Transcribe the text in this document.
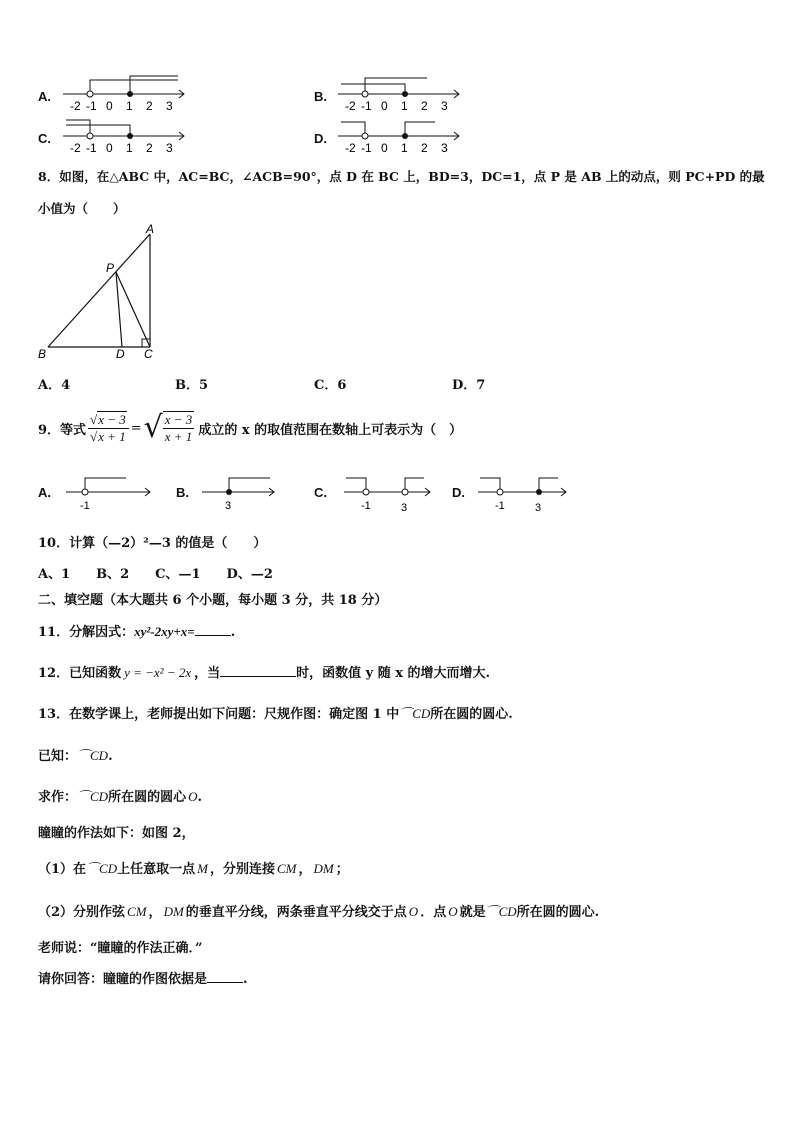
A.
-2 -1 0 1 2 3
B.
-2 -1 0 1 2 3
C.
-2 -1 0 1 2 3
D.
-2 -1 0 1 2 3
8．如图，在△ABC 中，AC=BC，∠ACB=90°，点 D 在 BC 上，BD=3，DC=1，点 P 是 AB 上的动点，则 PC+PD 的最
小值为（　　）
A
P
B	D C
A．4	B．5	C．6	D．7
9．等式 $\frac{√x - 3}{√x + 1}$ = √ $\frac{x - 3}{x + 1}$ 成立的 x 的取值范围在数轴上可表示为（　）
A.
-1
B.
3
C.
-1	3
D.
-1	3
10．计算（—2）²—3 的值是（　　）
A、1　　B、2　　C、—1　　D、—2
二、填空题（本大题共 6 个小题，每小题 3 分，共 18 分）
11．分解因式：xy²-2xy+x=	.
12．已知函数 y = −x² − 2x ，当	时，函数值 y 随 x 的增大而增大.
13．在数学课上，老师提出如下问题：尺规作图：确定图 1 中⌒CD所在圆的圆心.
已知：⌒CD.
求作：⌒CD所在圆的圆心 O.
瞳瞳的作法如下：如图 2，
（1）在⌒CD上任意取一点 M ，分别连接 CM ， DM ；
（2）分别作弦 CM ， DM 的垂直平分线，两条垂直平分线交于点 O ．点 O 就是⌒CD所在圆的圆心.
老师说：“瞳瞳的作法正确．”
请你回答：瞳瞳的作图依据是	.
